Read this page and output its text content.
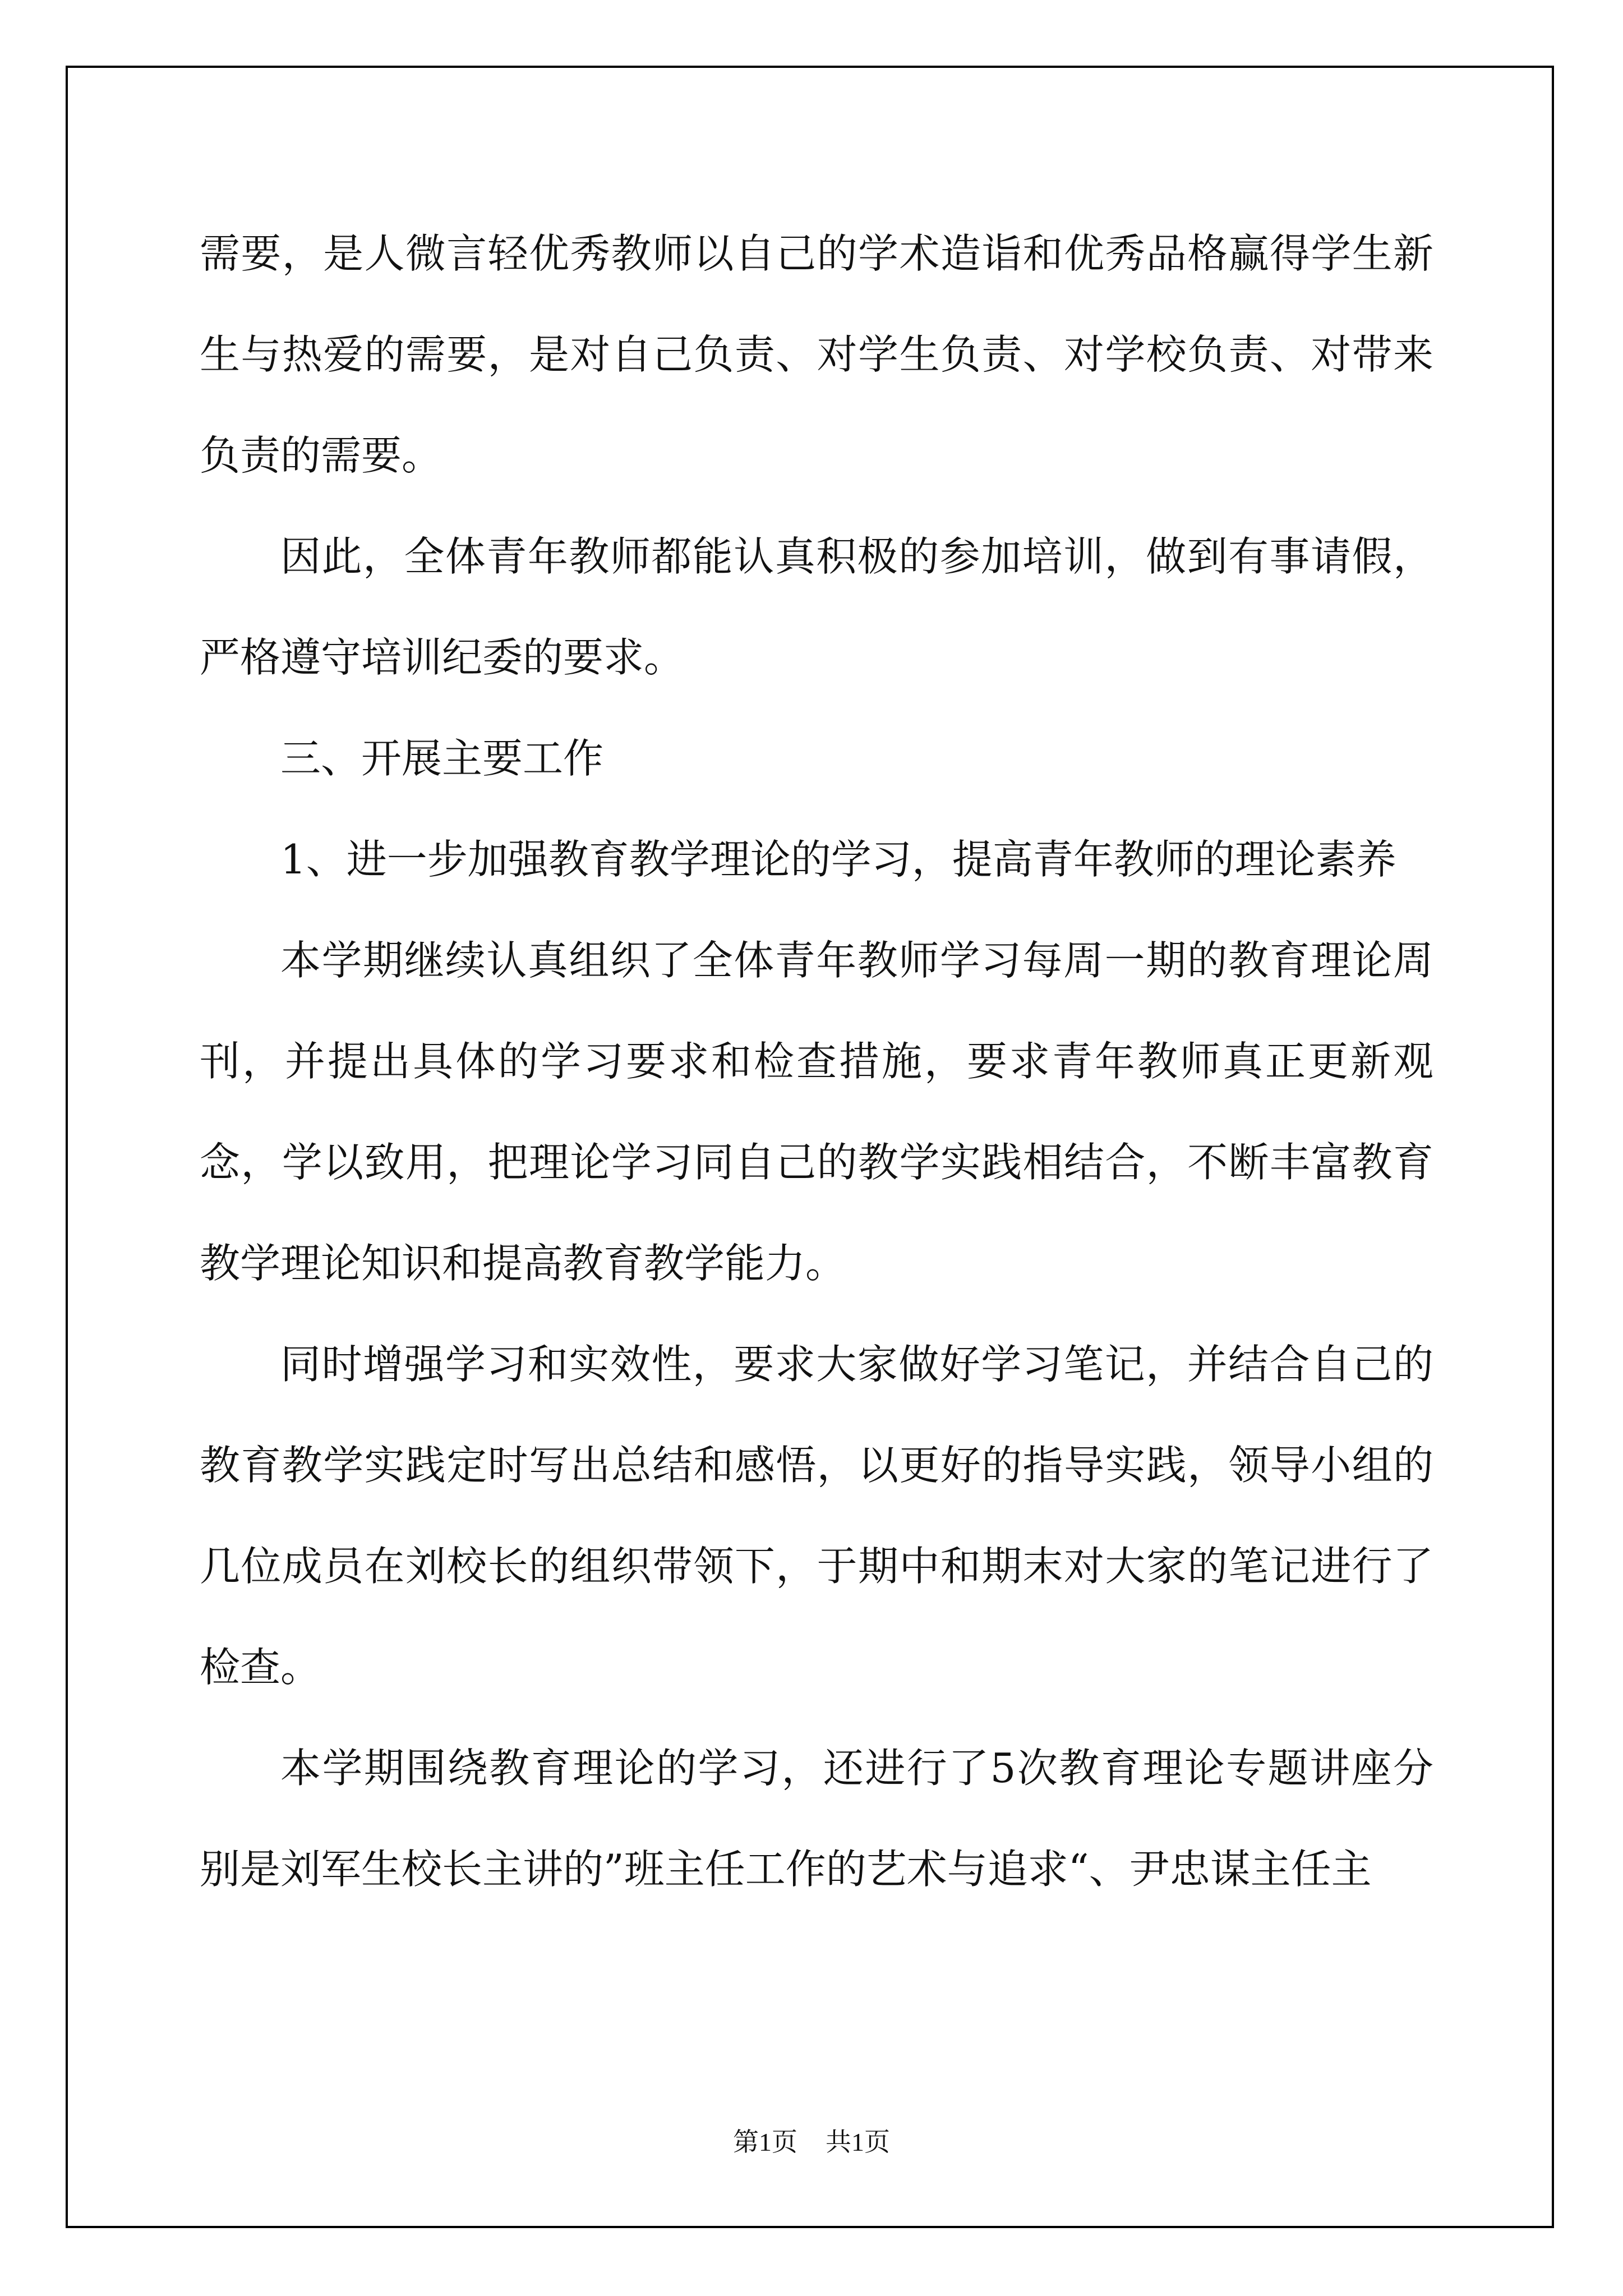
需要，是人微言轻优秀教师以自己的学术造诣和优秀品格赢得学生新生与热爱的需要，是对自己负责、对学生负责、对学校负责、对带来负责的需要。

因此，全体青年教师都能认真积极的参加培训，做到有事请假，严格遵守培训纪委的要求。

三、开展主要工作

1、进一步加强教育教学理论的学习，提高青年教师的理论素养

本学期继续认真组织了全体青年教师学习每周一期的教育理论周刊，并提出具体的学习要求和检查措施，要求青年教师真正更新观念，学以致用，把理论学习同自己的教学实践相结合，不断丰富教育教学理论知识和提高教育教学能力。

同时增强学习和实效性，要求大家做好学习笔记，并结合自己的教育教学实践定时写出总结和感悟，以更好的指导实践，领导小组的几位成员在刘校长的组织带领下，于期中和期末对大家的笔记进行了检查。

本学期围绕教育理论的学习，还进行了5次教育理论专题讲座分别是刘军生校长主讲的”班主任工作的艺术与追求“、尹忠谋主任主

第1页 共1页
